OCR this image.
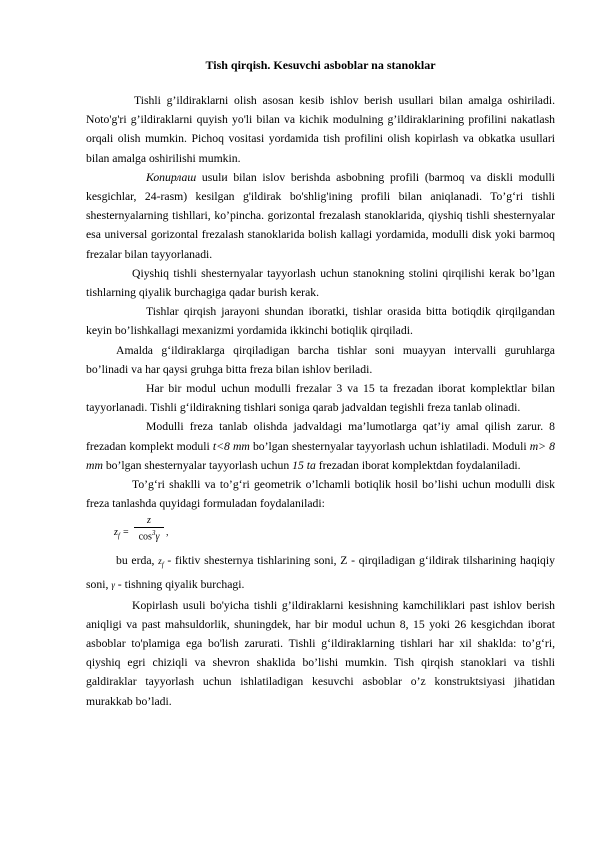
Tish qirqish. Kesuvchi asboblar na stanoklar

Tishli g’ildiraklarni olish asosan kesib ishlov berish usullari bilan amalga oshiriladi. Noto'g'ri g’ildiraklarni quyish yo'li bilan va kichik modulning g’ildiraklarining profilini nakatlash orqali olish mumkin. Pichoq vositasi yordamida tish profilini olish kopirlash va obkatka usullari bilan amalga oshirilishi mumkin.

Копирлаш usulи bilan islov berishda asbobning profili (barmoq va diskli modulli kesgichlar, 24-rasm) kesilgan g'ildirak bo'shlig'ining profili bilan aniqlanadi. To’g‘ri tishli shesternyalarning tishllari, ko’pincha. gorizontal frezalash stanoklarida, qiyshiq tishli shesternyalar esa universal gorizontal frezalash stanoklarida bolish kallagi yordamida, modulli disk yoki barmoq frezalar bilan tayyorlanadi.

Qiyshiq tishli shesternyalar tayyorlash uchun stanokning stolini qirqilishi kerak bo’lgan tishlarning qiyalik burchagiga qadar burish kerak.

Tishlar qirqish jarayoni shundan iboratki, tishlar orasida bitta botiqdik qirqilgandan keyin bo’lishkallagi mexanizmi yordamida ikkinchi botiqlik qirqiladi.

Amalda g‘ildiraklarga qirqiladigan barcha tishlar soni muayyan intervalli guruhlarga bo’linadi va har qaysi gruhga bitta freza bilan ishlov beriladi.

Har bir modul uchun modulli frezalar 3 va 15 ta frezadan iborat komplektlar bilan tayyorlanadi. Tishli g‘ildirakning tishlari soniga qarab jadvaldan tegishli freza tanlab olinadi.

Modulli freza tanlab olishda jadvaldagi ma’lumotlarga qat’iy amal qilish zarur. 8 frezadan komplekt moduli t<8 mm bo’lgan shesternyalar tayyorlash uchun ishlatiladi. Moduli m> 8 mm bo’lgan shesternyalar tayyorlash uchun 15 ta frezadan iborat komplektdan foydalaniladi.

To’g‘ri shaklli va to’g‘ri geometrik o’lchamli botiqlik hosil bo’lishi uchun modulli disk freza tanlashda quyidagi formuladan foydalaniladi:

$z_f = \frac{z}{\cos^3\gamma}$ ,

bu erda, $z_f$ - fiktiv shesternya tishlarining soni, Z - qirqiladigan g‘ildirak tilsharining haqiqiy soni, γ - tishning qiyalik burchagi.

Kopirlash usuli bo'yicha tishli g’ildiraklarni kesishning kamchiliklari past ishlov berish aniqligi va past mahsuldorlik, shuningdek, har bir modul uchun 8, 15 yoki 26 kesgichdan iborat asboblar to'plamiga ega bo'lish zarurati. Tishli g‘ildiraklarning tishlari har xil shaklda: to’g‘ri, qiyshiq egri chiziqli va shevron shaklida bo’lishi mumkin. Tish qirqish stanoklari va tishli galdiraklar tayyorlash uchun ishlatiladigan kesuvchi asboblar o’z konstruktsiyasi jihatidan murakkab bo’ladi.
